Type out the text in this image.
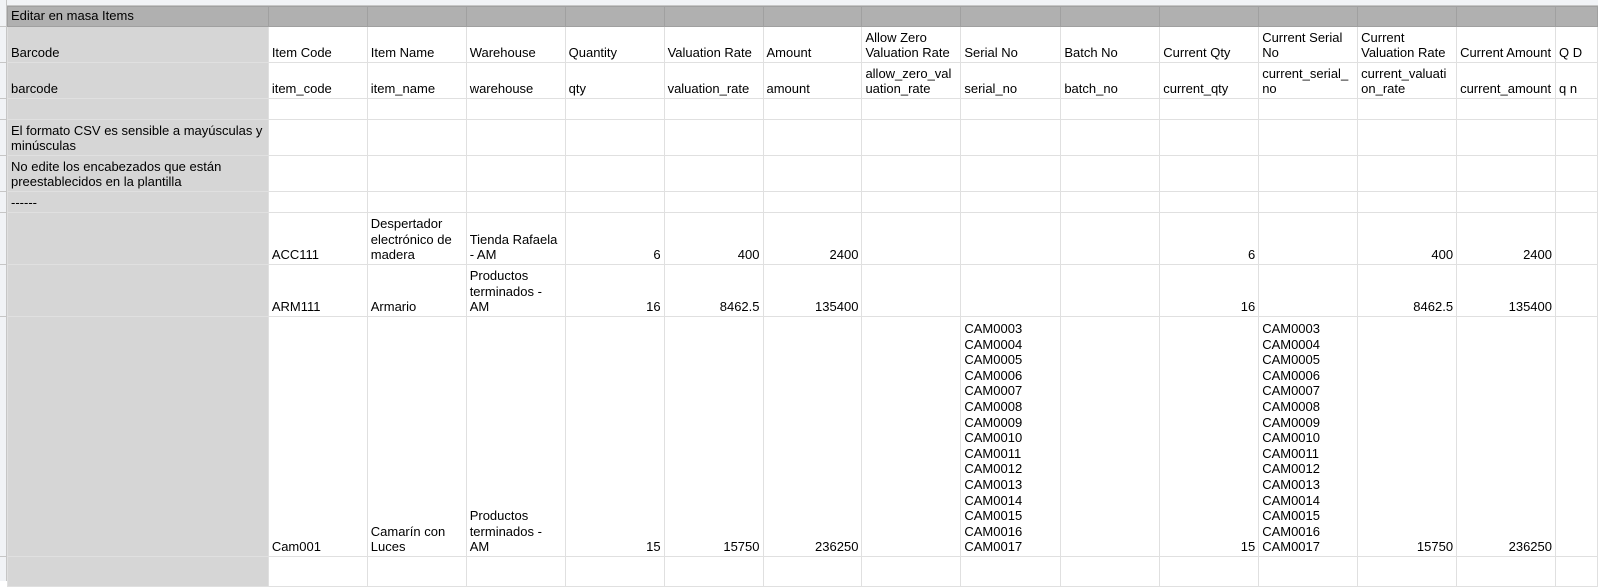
Editar en masa Items														
Barcode	Item Code	Item Name	Warehouse	Quantity	Valuation Rate	Amount	Allow Zero Valuation Rate	Serial No	Batch No	Current Qty	Current Serial No	Current Valuation Rate	Current Amount	Q D
barcode	item_code	item_name	warehouse	qty	valuation_rate	amount	allow_zero_valuation_rate	serial_no	batch_no	current_qty	current_serial_no	current_valuation_rate	current_amount	q n

El formato CSV es sensible a mayúsculas y minúsculas														
No edite los encabezados que están preestablecidos en la plantilla														
------														
	ACC111	Despertador electrónico de madera	Tienda Rafaela - AM	6	400	2400				6		400	2400	
	ARM111	Armario	Productos terminados - AM	16	8462.5	135400				16		8462.5	135400	
	Cam001	Camarín con Luces	Productos terminados - AM	15	15750	236250		CAM0003 CAM0004 CAM0005 CAM0006 CAM0007 CAM0008 CAM0009 CAM0010 CAM0011 CAM0012 CAM0013 CAM0014 CAM0015 CAM0016 CAM0017		15	CAM0003 CAM0004 CAM0005 CAM0006 CAM0007 CAM0008 CAM0009 CAM0010 CAM0011 CAM0012 CAM0013 CAM0014 CAM0015 CAM0016 CAM0017	15750	236250	
